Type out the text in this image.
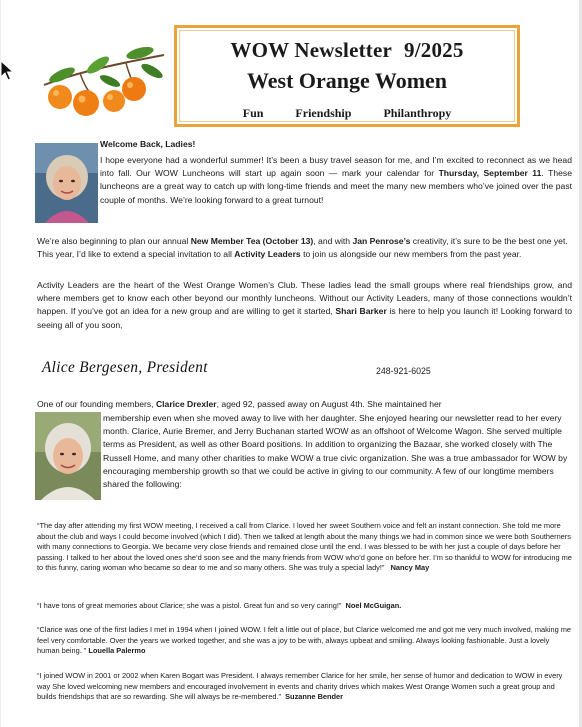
WOW Newsletter 9/2025
West Orange Women
Fun	Friendship	Philanthropy
Welcome Back, Ladies!
I hope everyone had a wonderful summer! It’s been a busy travel season for me, and I’m excited to reconnect as we head into fall. Our WOW Luncheons will start up again soon — mark your calendar for Thursday, September 11. These luncheons are a great way to catch up with long-time friends and meet the many new members who’ve joined over the past couple of months. We’re looking forward to a great turnout!
We’re also beginning to plan our annual New Member Tea (October 13), and with Jan Penrose’s creativity, it’s sure to be the best one yet. This year, I’d like to extend a special invitation to all Activity Leaders to join us alongside our new members from the past year.
Activity Leaders are the heart of the West Orange Women’s Club. These ladies lead the small groups where real friendships grow, and where members get to know each other beyond our monthly luncheons. Without our Activity Leaders, many of those connections wouldn’t happen. If you’ve got an idea for a new group and are willing to get it started, Shari Barker is here to help you launch it! Looking forward to seeing all of you soon,
Alice Bergesen, President	248-921-6025
One of our founding members, Clarice Drexler, aged 92, passed away on August 4th. She maintained her
membership even when she moved away to live with her daughter. She enjoyed hearing our newsletter read to her every month. Clarice, Aurie Bremer, and Jerry Buchanan started WOW as an offshoot of Welcome Wagon. She served multiple terms as President, as well as other Board positions. In addition to organizing the Bazaar, she worked closely with The Russell Home, and many other charities to make WOW a true civic organization. She was a true ambassador for WOW by encouraging membership growth so that we could be active in giving to our community. A few of our longtime members shared the following:
“The day after attending my first WOW meeting, I received a call from Clarice. I loved her sweet Southern voice and felt an instant connection. She told me more about the club and ways I could become involved (which I did). Then we talked at length about the many things we had in common since we were both Southerners with many connections to Georgia. We became very close friends and remained close until the end. I was blessed to be with her just a couple of days before her passing. I talked to her about the loved ones she’d soon see and the many friends from WOW who’d gone on before her. I’m so thankful to WOW for introducing me to this funny, caring woman who became so dear to me and so many others. She was truly a special lady!” Nancy May
“I have tons of great memories about Clarice; she was a pistol. Great fun and so very caring!” Noel McGuigan.
“Clarice was one of the first ladies I met in 1994 when I joined WOW. I felt a little out of place, but Clarice welcomed me and got me very much involved, making me feel very comfortable. Over the years we worked together, and she was a joy to be with, always upbeat and smiling. Always looking fashionable. Just a lovely human being. ” Louella Palermo
“I joined WOW in 2001 or 2002 when Karen Bogart was President. I always remember Clarice for her smile, her sense of humor and dedication to WOW in every way She loved welcoming new members and encouraged involvement in events and charity drives which makes West Orange Women such a great group and builds friendships that are so rewarding. She will always be re-membered.” Suzanne Bender
